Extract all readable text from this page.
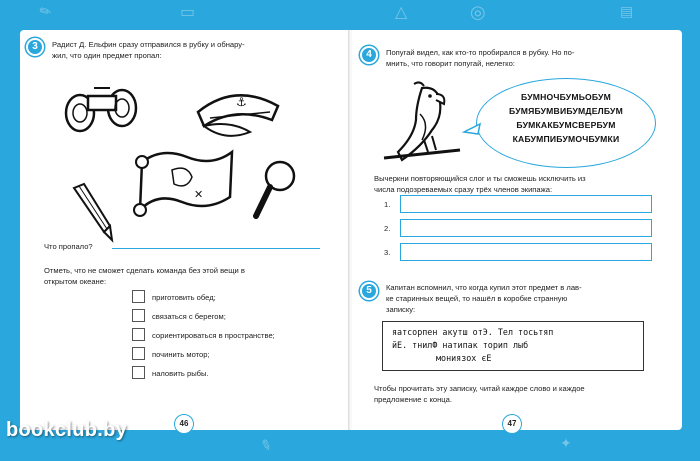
✎	▭	△	◎	▤
✎	✦
3	Радист Д. Ельфин сразу отправился в рубку и обнару-
жил, что один предмет пропал:
⚓
✕
Что пропало?
Отметь, что не сможет сделать команда без этой вещи в
открытом океане:
приготовить обед;
связаться с берегом;
сориентироваться в пространстве;
починить мотор;
наловить рыбы.
46
4	Попугай видел, как кто-то пробирался в рубку. Но по-
мнить, что говорит попугай, нелегко:
БУМНОЧБУМЬОБУМ
БУМЯБУМВИБУМДЕЛБУМ
БУМКАКБУМСВЕРБУМ
КАБУМПИБУМОЧБУМКИ
Вычеркни повторяющийся слог и ты сможешь исключить из
числа подозреваемых сразу трёх членов экипажа:
1.
2.
3.
5	Капитан вспомнил, что когда купил этот предмет в лав-
ке старинных вещей, то нашёл в коробке странную
записку:
яатсорпен акутш отЭ. Тел тосьтяп
йЕ. тнилФ натипак торип лыб
мониязох єЕ
Чтобы прочитать эту записку, читай каждое слово и каждое
предложение с конца.
47
bookclub.by
